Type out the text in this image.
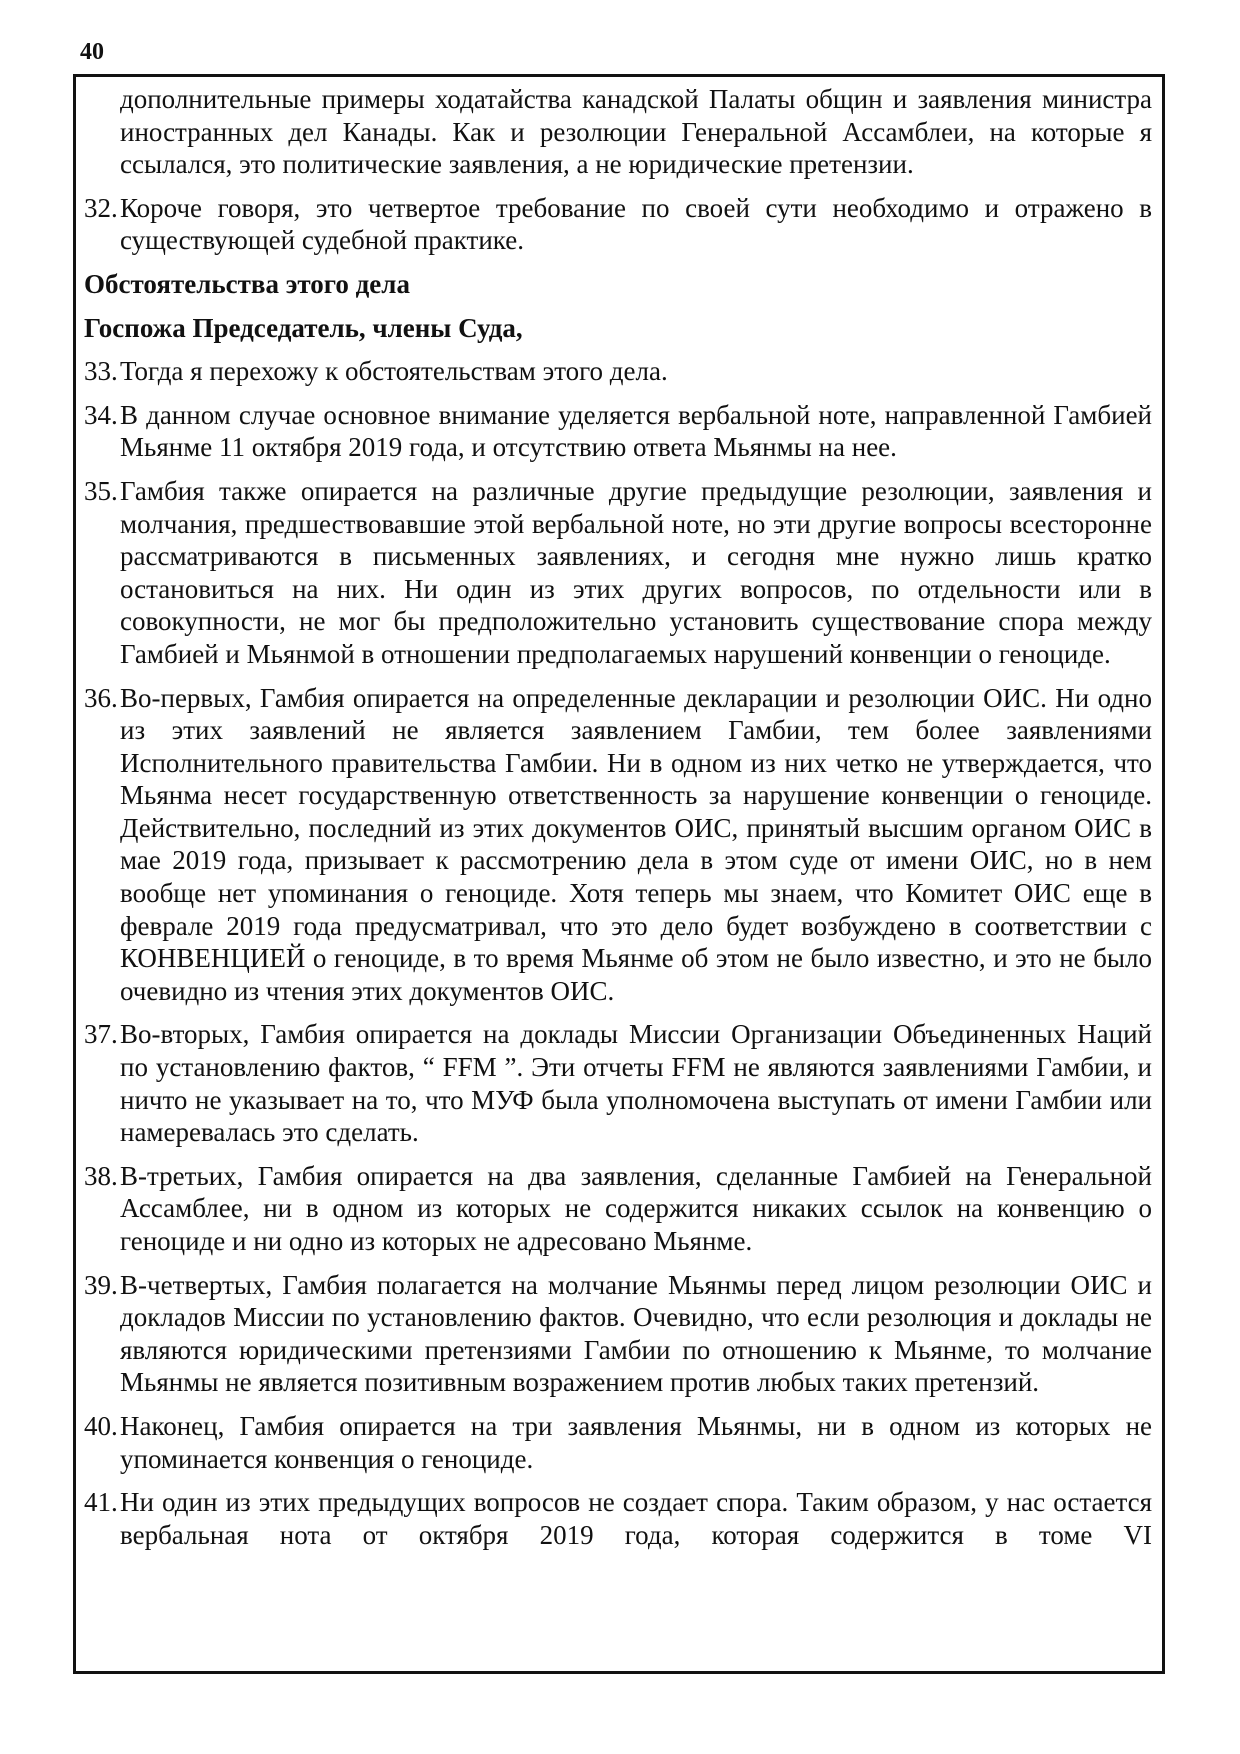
40
дополнительные примеры ходатайства канадской Палаты общин и заявления министра иностранных дел Канады. Как и резолюции Генеральной Ассамблеи, на которые я ссылался, это политические заявления, а не юридические претензии.
32. Короче говоря, это четвертое требование по своей сути необходимо и отражено в существующей судебной практике.
Обстоятельства этого дела
Госпожа Председатель, члены Суда,
33. Тогда я перехожу к обстоятельствам этого дела.
34. В данном случае основное внимание уделяется вербальной ноте, направленной Гамбией Мьянме 11 октября 2019 года, и отсутствию ответа Мьянмы на нее.
35. Гамбия также опирается на различные другие предыдущие резолюции, заявления и молчания, предшествовавшие этой вербальной ноте, но эти другие вопросы всесторонне рассматриваются в письменных заявлениях, и сегодня мне нужно лишь кратко остановиться на них. Ни один из этих других вопросов, по отдельности или в совокупности, не мог бы предположительно установить существование спора между Гамбией и Мьянмой в отношении предполагаемых нарушений конвенции о геноциде.
36. Во-первых, Гамбия опирается на определенные декларации и резолюции ОИС. Ни одно из этих заявлений не является заявлением Гамбии, тем более заявлениями Исполнительного правительства Гамбии. Ни в одном из них четко не утверждается, что Мьянма несет государственную ответственность за нарушение конвенции о геноциде. Действительно, последний из этих документов ОИС, принятый высшим органом ОИС в мае 2019 года, призывает к рассмотрению дела в этом суде от имени ОИС, но в нем вообще нет упоминания о геноциде. Хотя теперь мы знаем, что Комитет ОИС еще в феврале 2019 года предусматривал, что это дело будет возбуждено в соответствии с КОНВЕНЦИЕЙ о геноциде, в то время Мьянме об этом не было известно, и это не было очевидно из чтения этих документов ОИС.
37. Во-вторых, Гамбия опирается на доклады Миссии Организации Объединенных Наций по установлению фактов, “ FFM ”. Эти отчеты FFM не являются заявлениями Гамбии, и ничто не указывает на то, что МУФ была уполномочена выступать от имени Гамбии или намеревалась это сделать.
38. В-третьих, Гамбия опирается на два заявления, сделанные Гамбией на Генеральной Ассамблее, ни в одном из которых не содержится никаких ссылок на конвенцию о геноциде и ни одно из которых не адресовано Мьянме.
39. В-четвертых, Гамбия полагается на молчание Мьянмы перед лицом резолюции ОИС и докладов Миссии по установлению фактов. Очевидно, что если резолюция и доклады не являются юридическими претензиями Гамбии по отношению к Мьянме, то молчание Мьянмы не является позитивным возражением против любых таких претензий.
40. Наконец, Гамбия опирается на три заявления Мьянмы, ни в одном из которых не упоминается конвенция о геноциде.
41. Ни один из этих предыдущих вопросов не создает спора. Таким образом, у нас остается вербальная нота от октября 2019 года, которая содержится в томе VI
